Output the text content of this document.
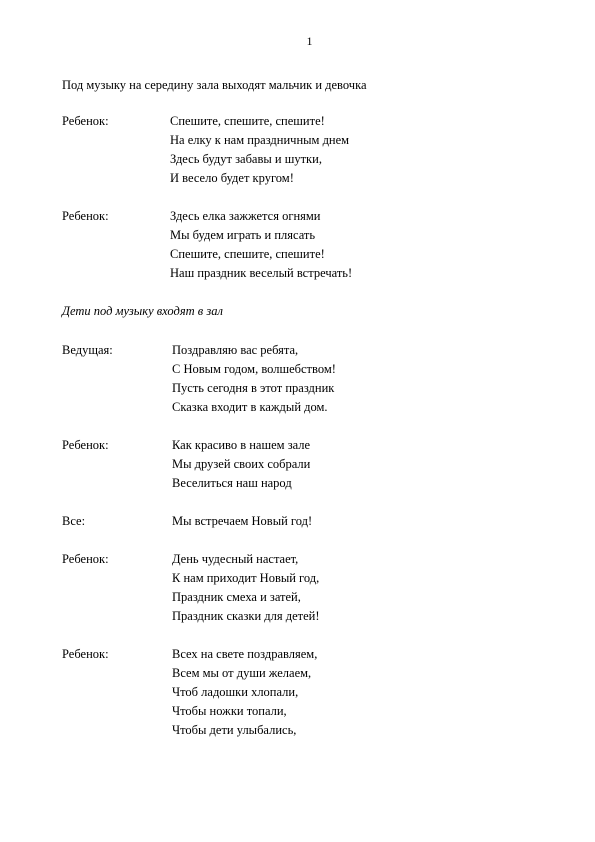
1

Под музыку на середину зала выходят мальчик и девочка

Ребенок:	Спешите, спешите, спешите!
На елку к нам праздничным днем
Здесь будут забавы и шутки,
И весело будет кругом!
Ребенок:	Здесь елка зажжется огнями
Мы будем играть и плясать
Спешите, спешите, спешите!
Наш праздник веселый встречать!

Дети под музыку входят в зал

Ведущая:	Поздравляю вас ребята,
С Новым годом, волшебством!
Пусть сегодня в этот праздник
Сказка входит в каждый дом.
Ребенок:	Как красиво в нашем зале
Мы друзей своих собрали
Веселиться наш народ
Все:	Мы встречаем Новый год!
Ребенок:	День чудесный настает,
К нам приходит Новый год,
Праздник смеха и затей,
Праздник сказки для детей!
Ребенок:	Всех на свете поздравляем,
Всем мы от души желаем,
Чтоб ладошки хлопали,
Чтобы ножки топали,
Чтобы дети улыбались,
